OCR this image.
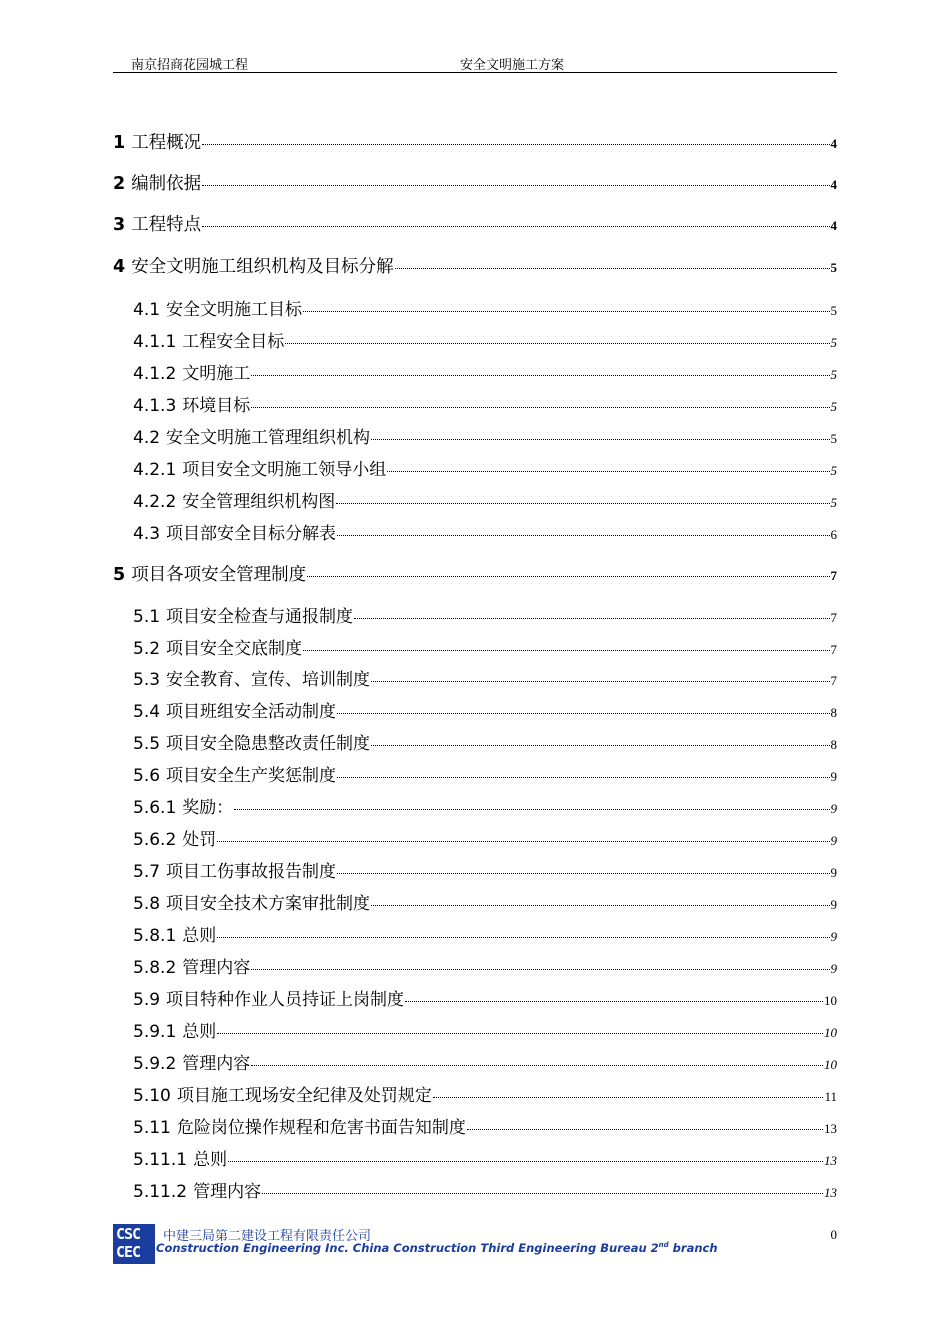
南京招商花园城工程	安全文明施工方案
1 工程概况	4
2 编制依据	4
3 工程特点	4
4 安全文明施工组织机构及目标分解	5
4.1 安全文明施工目标	5
4.1.1 工程安全目标	5
4.1.2 文明施工	5
4.1.3 环境目标	5
4.2 安全文明施工管理组织机构	5
4.2.1 项目安全文明施工领导小组	5
4.2.2 安全管理组织机构图	5
4.3 项目部安全目标分解表	6
5 项目各项安全管理制度	7
5.1 项目安全检查与通报制度	7
5.2 项目安全交底制度	7
5.3 安全教育、宣传、培训制度	7
5.4 项目班组安全活动制度	8
5.5 项目安全隐患整改责任制度	8
5.6 项目安全生产奖惩制度	9
5.6.1 奖励：	9
5.6.2 处罚	9
5.7 项目工伤事故报告制度	9
5.8 项目安全技术方案审批制度	9
5.8.1 总则	9
5.8.2 管理内容	9
5.9 项目特种作业人员持证上岗制度	10
5.9.1 总则	10
5.9.2 管理内容	10
5.10 项目施工现场安全纪律及处罚规定	11
5.11 危险岗位操作规程和危害书面告知制度	13
5.11.1 总则	13
5.11.2 管理内容	13
CSC
CEC
中建三局第二建设工程有限责任公司
Construction Engineering Inc. China Construction Third Engineering Bureau 2nd branch
0
